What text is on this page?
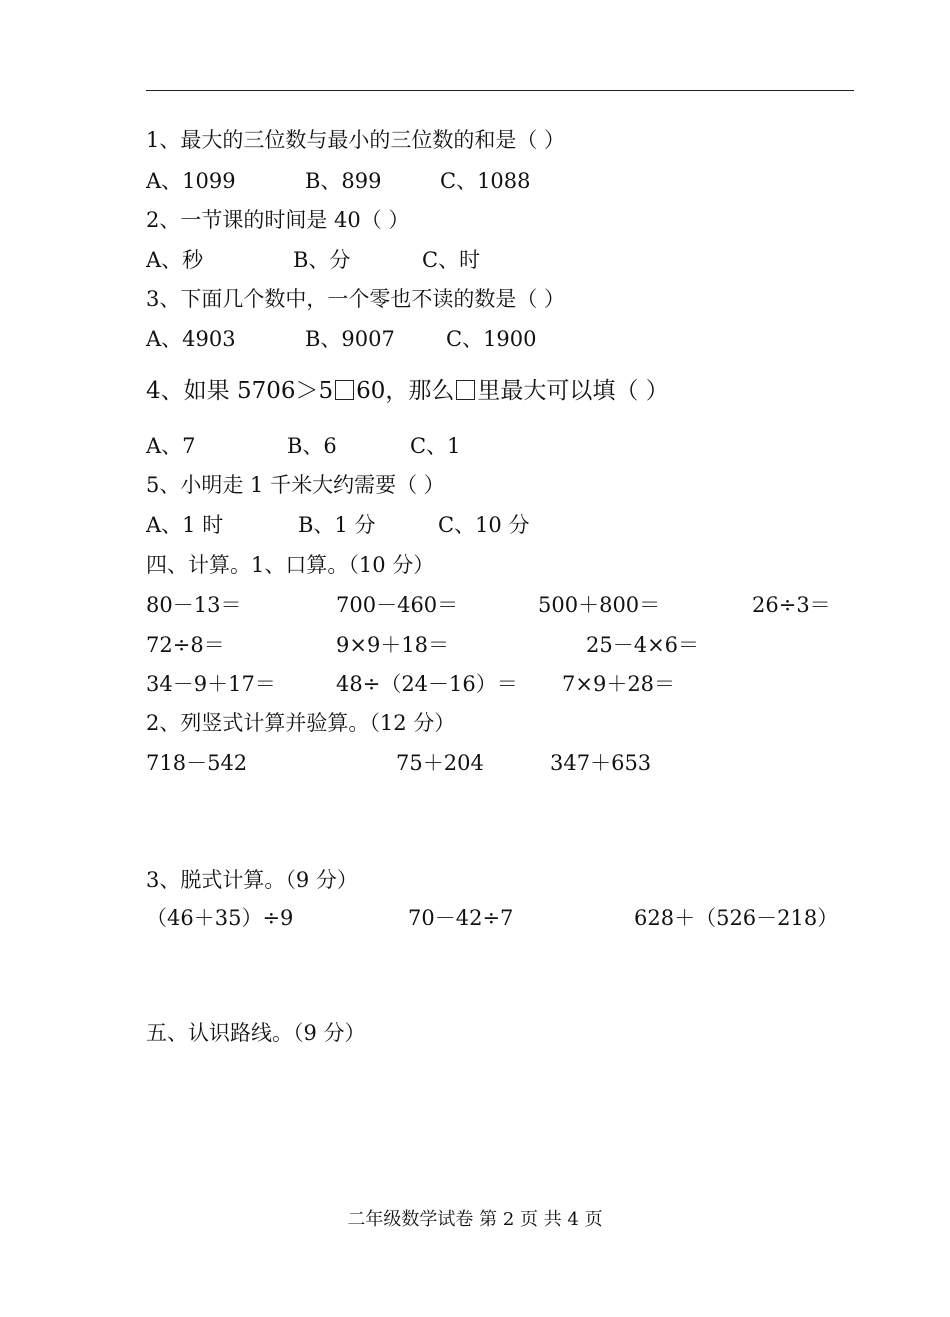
1、最大的三位数与最小的三位数的和是（ ）
A、1099	B、899	C、1088
2、一节课的时间是 40（ ）
A、秒	B、分	C、时
3、下面几个数中，一个零也不读的数是（ ）
A、4903	B、9007 C、1900
4、如果 5706＞5 60，那么 里最大可以填（ ）
A、7	B、6	C、1
5、小明走 1 千米大约需要（ ）
A、1 时	B、1 分	C、10 分
四、计算。1、口算。（10 分）
80－13＝	700－460＝	500＋800＝	26÷3＝
72÷8＝	9×9＋18＝	25－4×6＝
34－9＋17＝	48÷（24－16）＝ 7×9＋28＝
2、列竖式计算并验算。（12 分）
718－542	75＋204	347＋653
3、脱式计算。（9 分）
（46＋35）÷9	70－42÷7	628＋（526－218）
五、认识路线。（9 分）
二年级数学试卷 第 2 页 共 4 页
